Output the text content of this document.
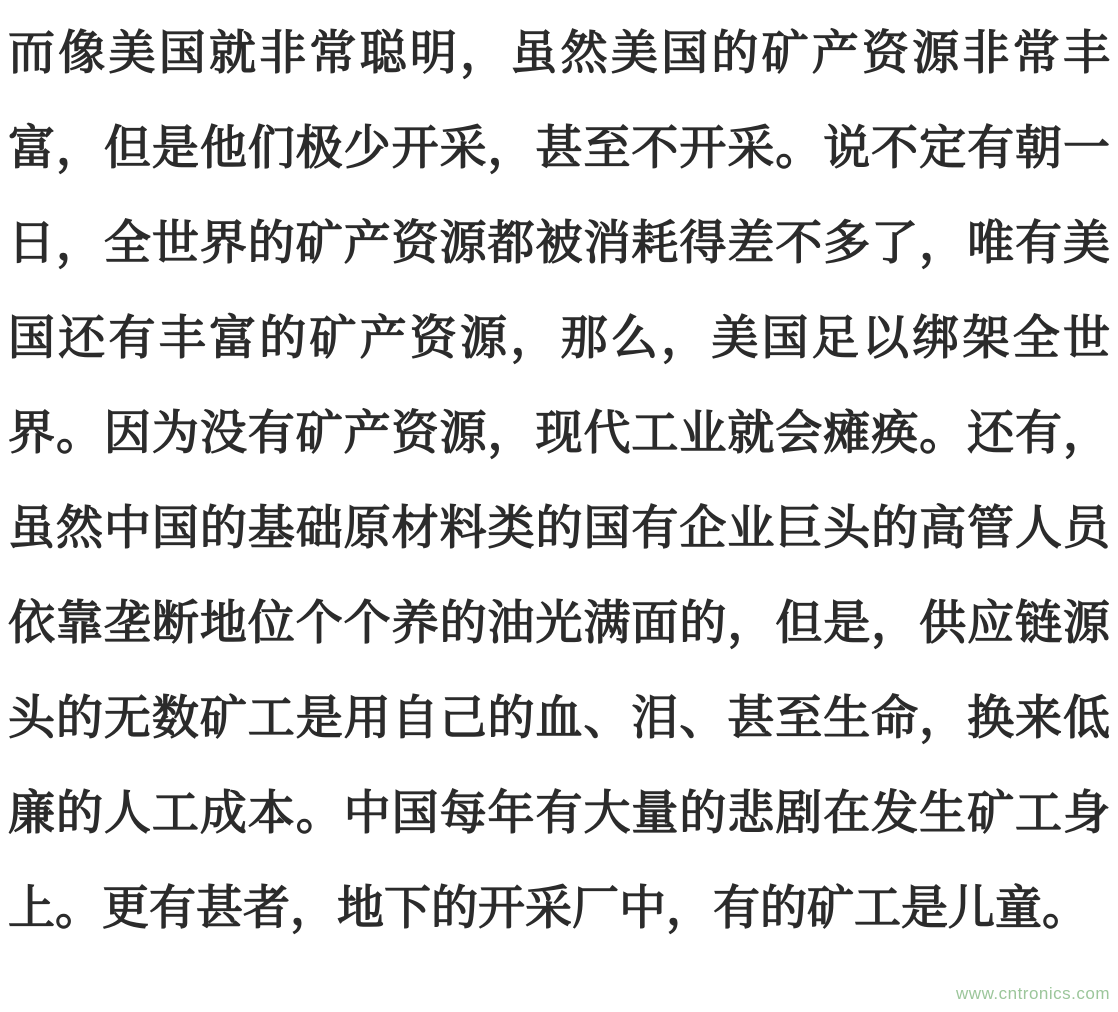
而像美国就非常聪明，虽然美国的矿产资源非常丰富，但是他们极少开采，甚至不开采。说不定有朝一日，全世界的矿产资源都被消耗得差不多了，唯有美国还有丰富的矿产资源，那么，美国足以绑架全世界。因为没有矿产资源，现代工业就会瘫痪。还有，虽然中国的基础原材料类的国有企业巨头的高管人员依靠垄断地位个个养的油光满面的，但是，供应链源头的无数矿工是用自己的血、泪、甚至生命，换来低廉的人工成本。中国每年有大量的悲剧在发生矿工身上。更有甚者，地下的开采厂中，有的矿工是儿童。
www.cntronics.com
